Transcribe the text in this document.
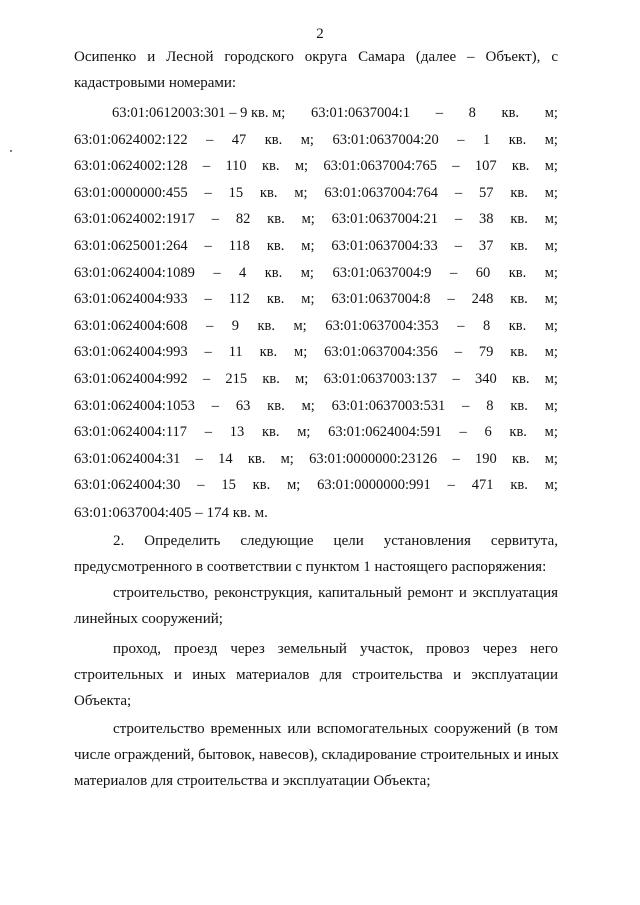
2
Осипенко и Лесной городского округа Самара (далее – Объект), с
кадастровыми номерами:
63:01:0612003:301 – 9 кв. м; 63:01:0637004:1 – 8 кв. м;
63:01:0624002:122 – 47 кв. м; 63:01:0637004:20 – 1 кв. м;
63:01:0624002:128 – 110 кв. м; 63:01:0637004:765 – 107 кв. м;
63:01:0000000:455 – 15 кв. м; 63:01:0637004:764 – 57 кв. м;
63:01:0624002:1917 – 82 кв. м; 63:01:0637004:21 – 38 кв. м;
63:01:0625001:264 – 118 кв. м; 63:01:0637004:33 – 37 кв. м;
63:01:0624004:1089 – 4 кв. м; 63:01:0637004:9 – 60 кв. м;
63:01:0624004:933 – 112 кв. м; 63:01:0637004:8 – 248 кв. м;
63:01:0624004:608 – 9 кв. м; 63:01:0637004:353 – 8 кв. м;
63:01:0624004:993 – 11 кв. м; 63:01:0637004:356 – 79 кв. м;
63:01:0624004:992 – 215 кв. м; 63:01:0637003:137 – 340 кв. м;
63:01:0624004:1053 – 63 кв. м; 63:01:0637003:531 – 8 кв. м;
63:01:0624004:117 – 13 кв. м; 63:01:0624004:591 – 6 кв. м;
63:01:0624004:31 – 14 кв. м; 63:01:0000000:23126 – 190 кв. м;
63:01:0624004:30 – 15 кв. м; 63:01:0000000:991 – 471 кв. м;
63:01:0637004:405 – 174 кв. м.
2. Определить следующие цели установления сервитута,
предусмотренного в соответствии с пунктом 1 настоящего распоряжения:
строительство, реконструкция, капитальный ремонт и эксплуатация
линейных сооружений;
проход, проезд через земельный участок, провоз через него
строительных и иных материалов для строительства и эксплуатации
Объекта;
строительство временных или вспомогательных сооружений (в том
числе ограждений, бытовок, навесов), складирование строительных и иных
материалов для строительства и эксплуатации Объекта;
